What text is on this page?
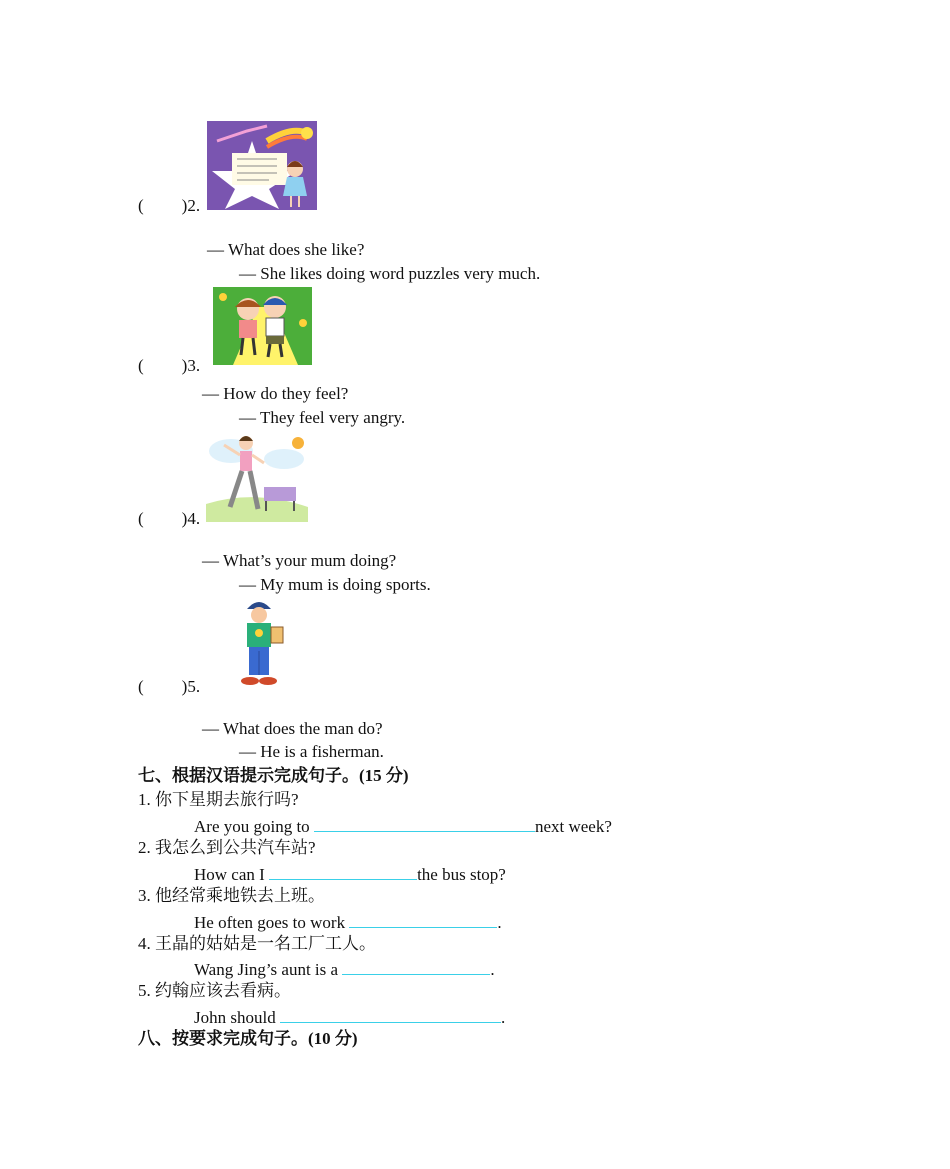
( )2.
— What does she like?
— She likes doing word puzzles very much.
( )3.
— How do they feel?
— They feel very angry.
( )4.
— What’s your mum doing?
— My mum is doing sports.
( )5.
— What does the man do?
— He is a fisherman.
七、根据汉语提示完成句子。(15 分)
1. 你下星期去旅行吗?
Are you going to	next week?
2. 我怎么到公共汽车站?
How can I	the bus stop?
3. 他经常乘地铁去上班。
He often goes to work	.
4. 王晶的姑姑是一名工厂工人。
Wang Jing’s aunt is a	.
5. 约翰应该去看病。
John should	.
八、按要求完成句子。(10 分)
